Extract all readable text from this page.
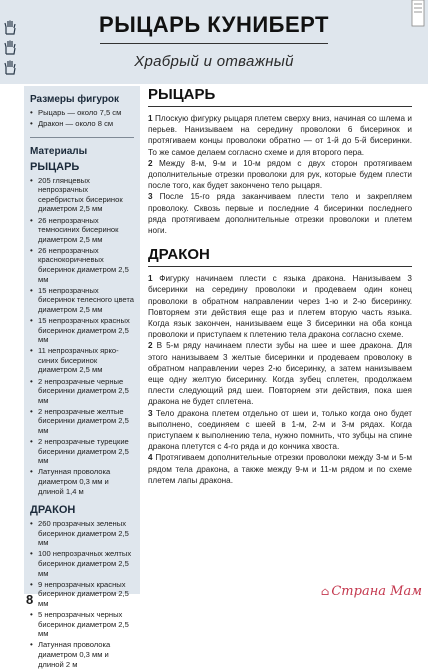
РЫЦАРЬ КУНИБЕРТ
Храбрый и отважный
Размеры фигурок
• Рыцарь — около 7,5 см
• Дракон — около 8 см
Материалы
РЫЦАРЬ
• 205 глянцевых непрозрачных серебристых бисеринок диаметром 2,5 мм
• 26 непрозрачных темносиних бисеринок диаметром 2,5 мм
• 26 непрозрачных краснокоричневых бисеринок диаметром 2,5 мм
• 15 непрозрачных бисеринок телесного цвета диаметром 2,5 мм
• 15 непрозрачных красных бисеринок диаметром 2,5 мм
• 11 непрозрачных ярко-синих бисеринок диаметром 2,5 мм
• 2 непрозрачные черные бисеринки диаметром 2,5 мм
• 2 непрозрачные желтые бисеринки диаметром 2,5 мм
• 2 непрозрачные турецкие бисеринки диаметром 2,5 мм
• Латунная проволока диаметром 0,3 мм и длиной 1,4 м
ДРАКОН
• 260 прозрачных зеленых бисеринок диаметром 2,5 мм
• 100 непрозрачных желтых бисеринок диаметром 2,5 мм
• 9 непрозрачных красных бисеринок диаметром 2,5 мм
• 5 непрозрачных черных бисеринок диаметром 2,5 мм
• Латунная проволока диаметром 0,3 мм и длиной 2 м
РЫЦАРЬ

1 Плоскую фигурку рыцаря плетем сверху вниз, начиная со шлема и перьев. Нанизываем на середину проволоки 6 бисеринок и протягиваем концы проволоки обратно — от 1-й до 5-й бисеринки. То же самое делаем согласно схеме и для второго пера.

2 Между 8-м, 9-м и 10-м рядом с двух сторон протягиваем дополнительные отрезки проволоки для рук, которые будем плести после того, как будет закончено тело рыцаря.

3 После 15-го ряда заканчиваем плести тело и закрепляем проволоку. Сквозь первые и последние 4 бисеринки последнего ряда протягиваем дополнительные отрезки проволоки и плетем ноги.

ДРАКОН

1 Фигурку начинаем плести с языка дракона. Нанизываем 3 бисеринки на середину проволоки и продеваем один конец проволоки в обратном направлении через 1-ю и 2-ю бисеринку. Повторяем эти действия еще раз и плетем вторую часть языка. Когда язык закончен, нанизываем еще 3 бисеринки на оба конца проволоки и приступаем к плетению тела дракона согласно схеме.

2 В 5-м ряду начинаем плести зубы на шее и шее дракона. Для этого нанизываем 3 желтые бисеринки и продеваем проволоку в обратном направлении через 2-ю бисеринку, а затем нанизываем еще одну желтую бисеринку. Когда зубец сплетен, продолжаем плести следующий ряд шеи. Повторяем эти действия, пока шея дракона не будет сплетена.

3 Тело дракона плетем отдельно от шеи и, только когда оно будет выполнено, соединяем с шеей в 1-м, 2-м и 3-м рядах. Когда приступаем к выполнению тела, нужно помнить, что зубцы на спине дракона плетутся с 4-го ряда и до кончика хвоста.

4 Протягиваем дополнительные отрезки проволоки между 3-м и 5-м рядом тела дракона, а также между 9-м и 11-м рядом и по схеме плетем лапы дракона.

8
⌂ Страна Мам
